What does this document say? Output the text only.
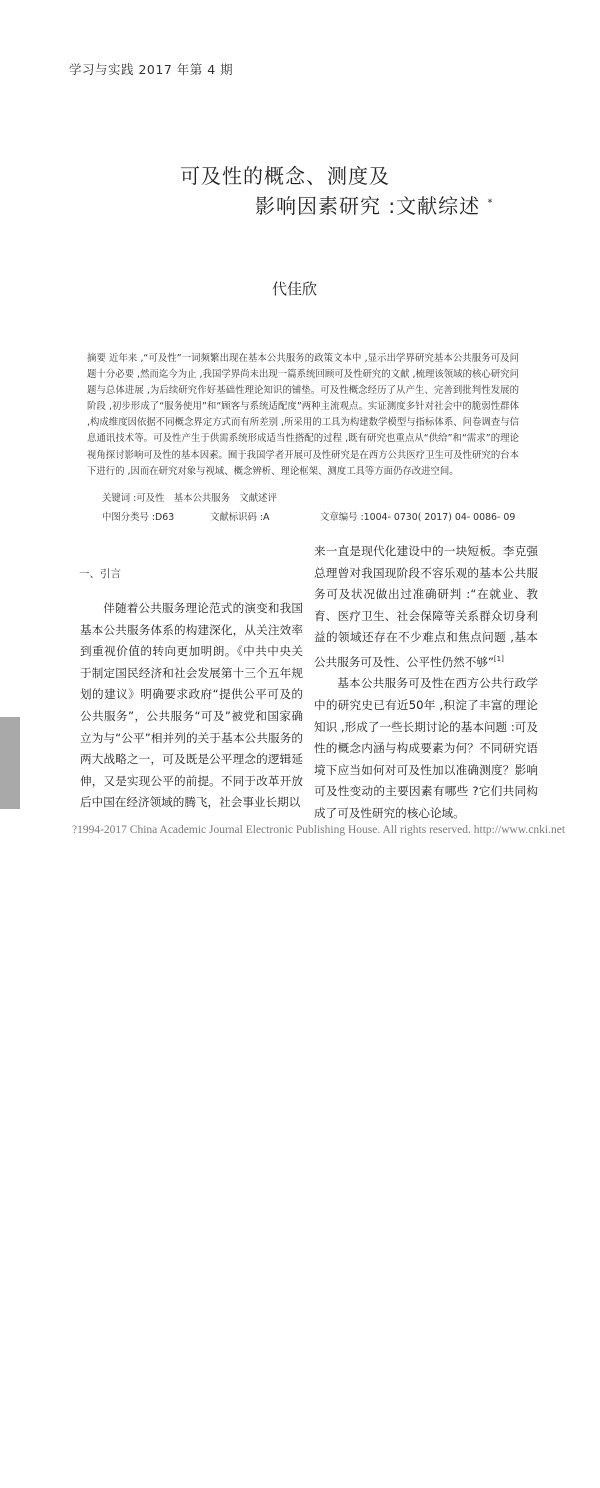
学习与实践 2017 年第 4 期
可及性的概念、测度及
影响因素研究 :文献综述 *
代佳欣
摘要 近年来 ,“可及性”一词频繁出现在基本公共服务的政策文本中 ,显示出学界研究基本公共服务可及问题十分必要 ,然而迄今为止 ,我国学界尚未出现一篇系统回顾可及性研究的文献 ,梳理该领域的核心研究问题与总体进展 ,为后续研究作好基础性理论知识的铺垫。可及性概念经历了从产生、完善到批判性发展的阶段 ,初步形成了“服务使用”和“顾客与系统适配度”两种主流观点。实证测度多针对社会中的脆弱性群体 ,构成维度因依据不同概念界定方式而有所差别 ,所采用的工具为构建数学模型与指标体系、问卷调查与信息通讯技术等。可及性产生于供需系统形成适当性搭配的过程 ,既有研究也重点从“供给”和“需求”的理论视角探讨影响可及性的基本因素。囿于我国学者开展可及性研究是在西方公共医疗卫生可及性研究的台本下进行的 ,因而在研究对象与视域、概念辨析、理论框架、测度工具等方面仍存改进空间。
关键词 :可及性　基本公共服务　文献述评
中图分类号 :D63	文献标识码 :A	文章编号 :1004- 0730( 2017) 04- 0086- 09
一、引言

伴随着公共服务理论范式的演变和我国基本公共服务体系的构建深化，从关注效率到重视价值的转向更加明朗。《中共中央关于制定国民经济和社会发展第十三个五年规划的建议》明确要求政府“提供公平可及的公共服务”，公共服务“可及”被党和国家确立为与“公平”相并列的关于基本公共服务的两大战略之一，可及既是公平理念的逻辑延伸，又是实现公平的前提。不同于改革开放后中国在经济领域的腾飞，社会事业长期以

来一直是现代化建设中的一块短板。李克强总理曾对我国现阶段不容乐观的基本公共服务可及状况做出过准确研判 :“在就业、教育、医疗卫生、社会保障等关系群众切身利益的领域还存在不少难点和焦点问题 ,基本公共服务可及性、公平性仍然不够”[1]

基本公共服务可及性在西方公共行政学中的研究史已有近50年 ,积淀了丰富的理论知识 ,形成了一些长期讨论的基本问题 :可及性的概念内涵与构成要素为何？不同研究语境下应当如何对可及性加以准确测度？影响可及性变动的主要因素有哪些 ?它们共同构成了可及性研究的核心论域。

86
?1994-2017 China Academic Journal Electronic Publishing House. All rights reserved. http://www.cnki.net
